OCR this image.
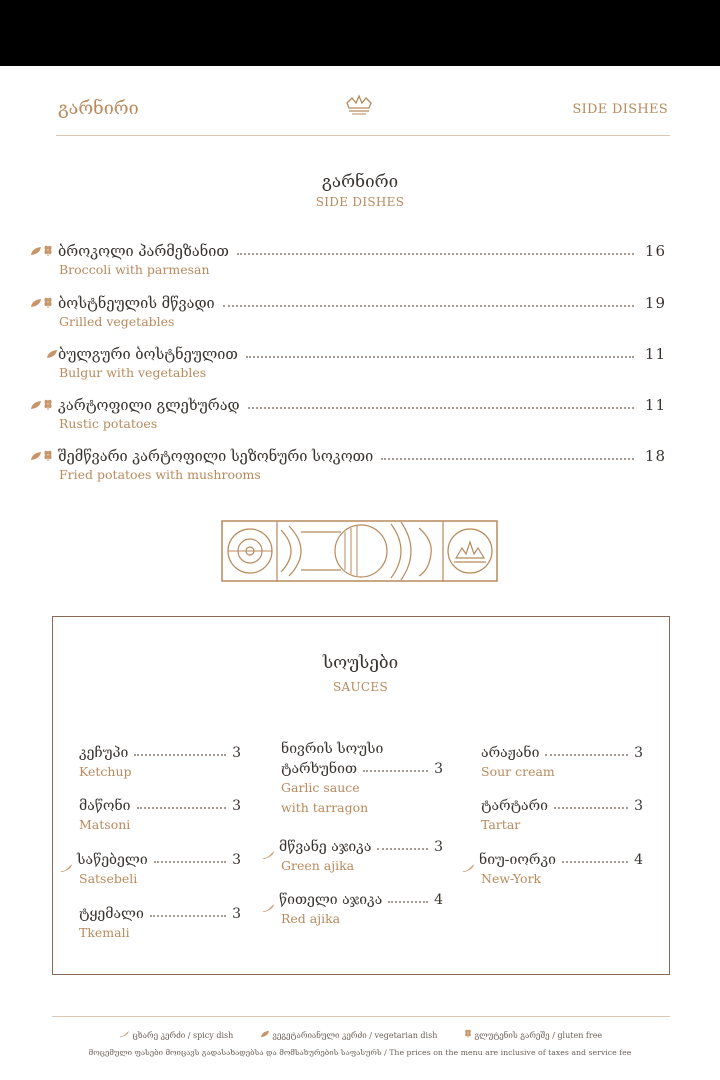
გარნირი	SIDE DISHES
გარნირი
SIDE DISHES
ბროკოლი პარმეზანით	16
Broccoli with parmesan
ბოსტნეულის მწვადი	19
Grilled vegetables
ბულგური ბოსტნეულით	11
Bulgur with vegetables
კარტოფილი გლეხურად	11
Rustic potatoes
შემწვარი კარტოფილი სეზონური სოკოთი	18
Fried potatoes with mushrooms
სოუსები
SAUCES
კეჩუპი	3
Ketchup
მაწონი	3
Matsoni
საწებელი	3
Satsebeli
ტყემალი	3
Tkemali
ნივრის სოუსი
ტარხუნით	3
Garlic sauce
with tarragon
მწვანე აჯიკა	3
Green ajika
წითელი აჯიკა	4
Red ajika
არაჟანი	3
Sour cream
ტარტარი	3
Tartar
ნიუ-იორკი	4
New-York
ცხარე კერძი / spicy dish	ვეგეტარიანული კერძი / vegetarian dish	გლუტენის გარეშე / gluten free
მოცემული ფასები მოიცავს გადასახადებსა და მომსახურების საფასურს / The prices on the menu are inclusive of taxes and service fee
